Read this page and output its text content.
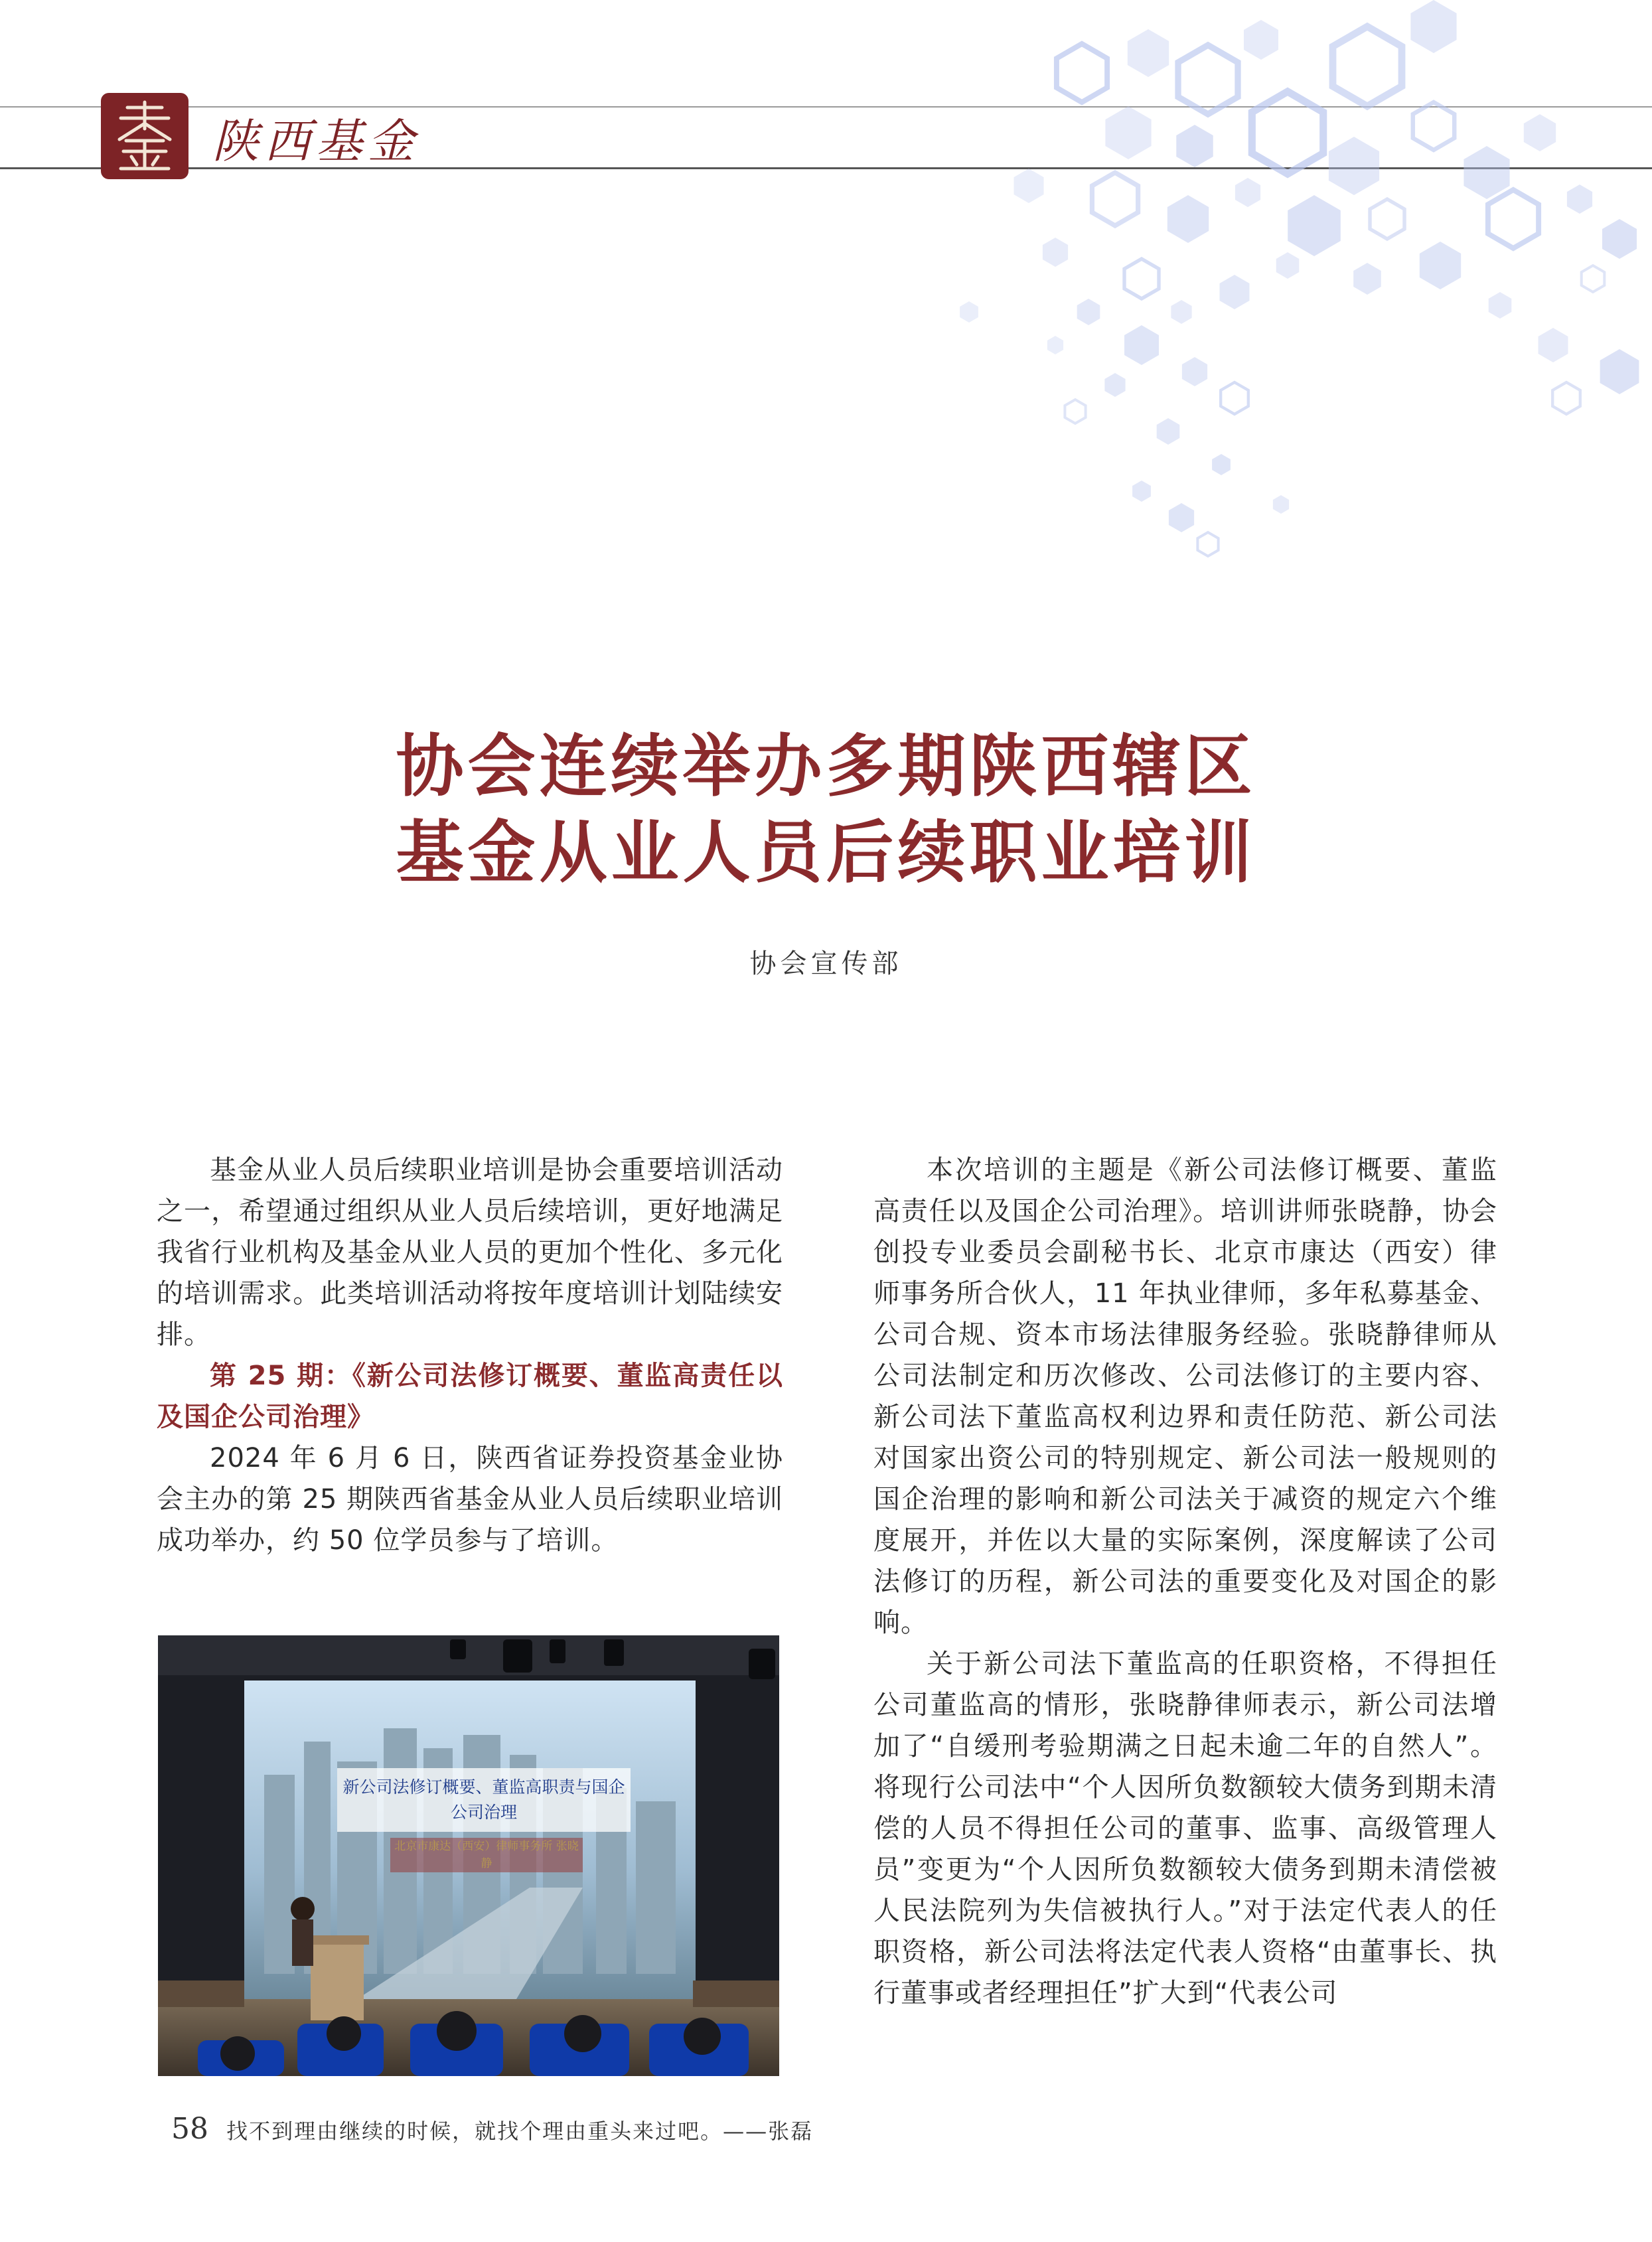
陕西基金
协会连续举办多期陕西辖区
基金从业人员后续职业培训
协会宣传部

基金从业人员后续职业培训是协会重要培训活动之一，希望通过组织从业人员后续培训，更好地满足我省行业机构及基金从业人员的更加个性化、多元化的培训需求。此类培训活动将按年度培训计划陆续安排。

第 25 期：《新公司法修订概要、董监高责任以及国企公司治理》

2024 年 6 月 6 日，陕西省证券投资基金业协会主办的第 25 期陕西省基金从业人员后续职业培训成功举办，约 50 位学员参与了培训。

新公司法修订概要、董监高职责与国企公司治理
北京市康达（西安）律师事务所 张晓静

本次培训的主题是《新公司法修订概要、董监高责任以及国企公司治理》。培训讲师张晓静，协会创投专业委员会副秘书长、北京市康达（西安）律师事务所合伙人，11 年执业律师，多年私募基金、公司合规、资本市场法律服务经验。张晓静律师从公司法制定和历次修改、公司法修订的主要内容、新公司法下董监高权利边界和责任防范、新公司法对国家出资公司的特别规定、新公司法一般规则的国企治理的影响和新公司法关于减资的规定六个维度展开，并佐以大量的实际案例，深度解读了公司法修订的历程，新公司法的重要变化及对国企的影响。

关于新公司法下董监高的任职资格，不得担任公司董监高的情形，张晓静律师表示，新公司法增加了“自缓刑考验期满之日起未逾二年的自然人”。将现行公司法中“个人因所负数额较大债务到期未清偿的人员不得担任公司的董事、监事、高级管理人员”变更为“个人因所负数额较大债务到期未清偿被人民法院列为失信被执行人。”对于法定代表人的任职资格，新公司法将法定代表人资格“由董事长、执行董事或者经理担任”扩大到“代表公司

58 找不到理由继续的时候，就找个理由重头来过吧。——张磊
